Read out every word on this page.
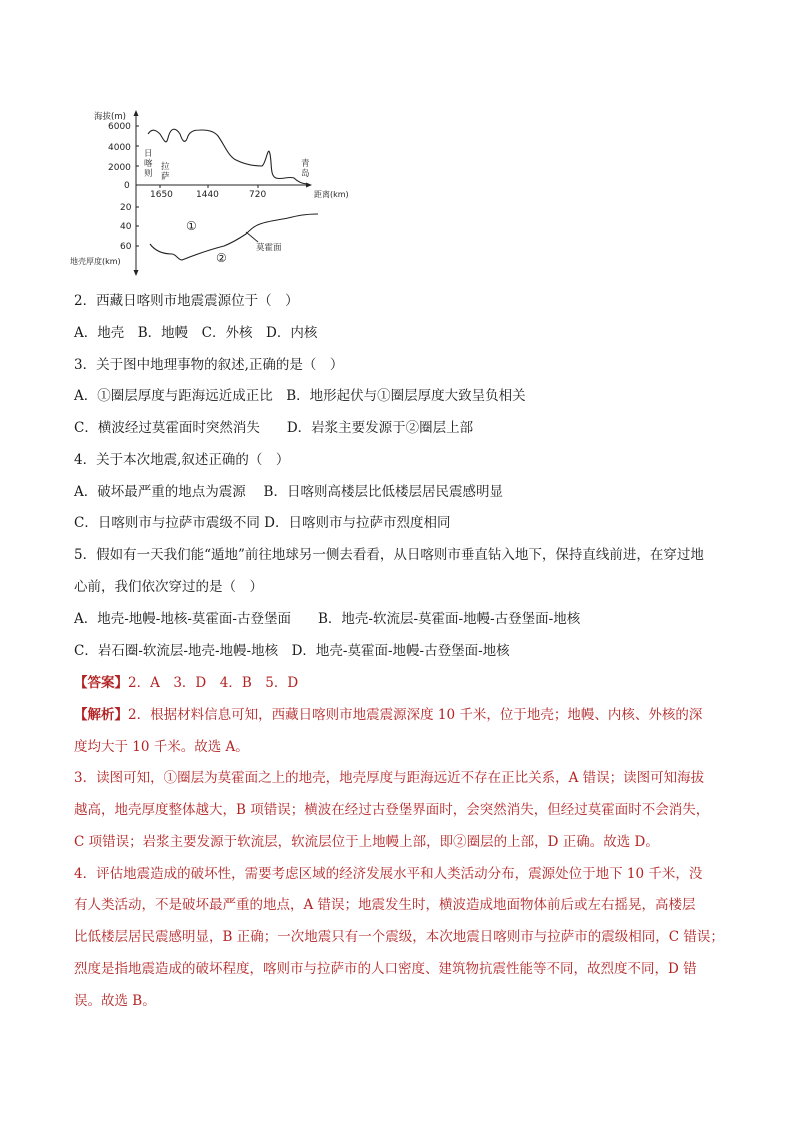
海拔(m)
6000
4000
2000
0
1650	1440	720	距离(km)
日
喀
则
拉
萨
青
岛
20
40
60
地壳厚度(km)
①
②
莫霍面
2．西藏日喀则市地震震源位于（　）
A．地壳　B．地幔　C．外核　D．内核
3．关于图中地理事物的叙述,正确的是（　）
A．①圈层厚度与距海远近成正比　B．地形起伏与①圈层厚度大致呈负相关
C．横波经过莫霍面时突然消失　　D．岩浆主要发源于②圈层上部
4．关于本次地震,叙述正确的（　）
A．破坏最严重的地点为震源　 B．日喀则高楼层比低楼层居民震感明显
C．日喀则市与拉萨市震级不同 D．日喀则市与拉萨市烈度相同
5．假如有一天我们能“遁地”前往地球另一侧去看看，从日喀则市垂直钻入地下，保持直线前进，在穿过地
心前，我们依次穿过的是（　）
A．地壳-地幔-地核-莫霍面-古登堡面　　B．地壳-软流层-莫霍面-地幔-古登堡面-地核
C．岩石圈-软流层-地壳-地幔-地核　D．地壳-莫霍面-地幔-古登堡面-地核
【答案】2．A　3．D　4．B　5．D
【解析】2．根据材料信息可知，西藏日喀则市地震震源深度 10 千米，位于地壳；地幔、内核、外核的深
度均大于 10 千米。故选 A。
3．读图可知，①圈层为莫霍面之上的地壳，地壳厚度与距海远近不存在正比关系，A 错误；读图可知海拔
越高，地壳厚度整体越大，B 项错误；横波在经过古登堡界面时，会突然消失，但经过莫霍面时不会消失，
C 项错误；岩浆主要发源于软流层，软流层位于上地幔上部，即②圈层的上部，D 正确。故选 D。
4．评估地震造成的破坏性，需要考虑区域的经济发展水平和人类活动分布，震源处位于地下 10 千米，没
有人类活动，不是破坏最严重的地点，A 错误；地震发生时，横波造成地面物体前后或左右摇晃，高楼层
比低楼层居民震感明显，B 正确；一次地震只有一个震级，本次地震日喀则市与拉萨市的震级相同，C 错误；
烈度是指地震造成的破坏程度，喀则市与拉萨市的人口密度、建筑物抗震性能等不同，故烈度不同，D 错
误。故选 B。
